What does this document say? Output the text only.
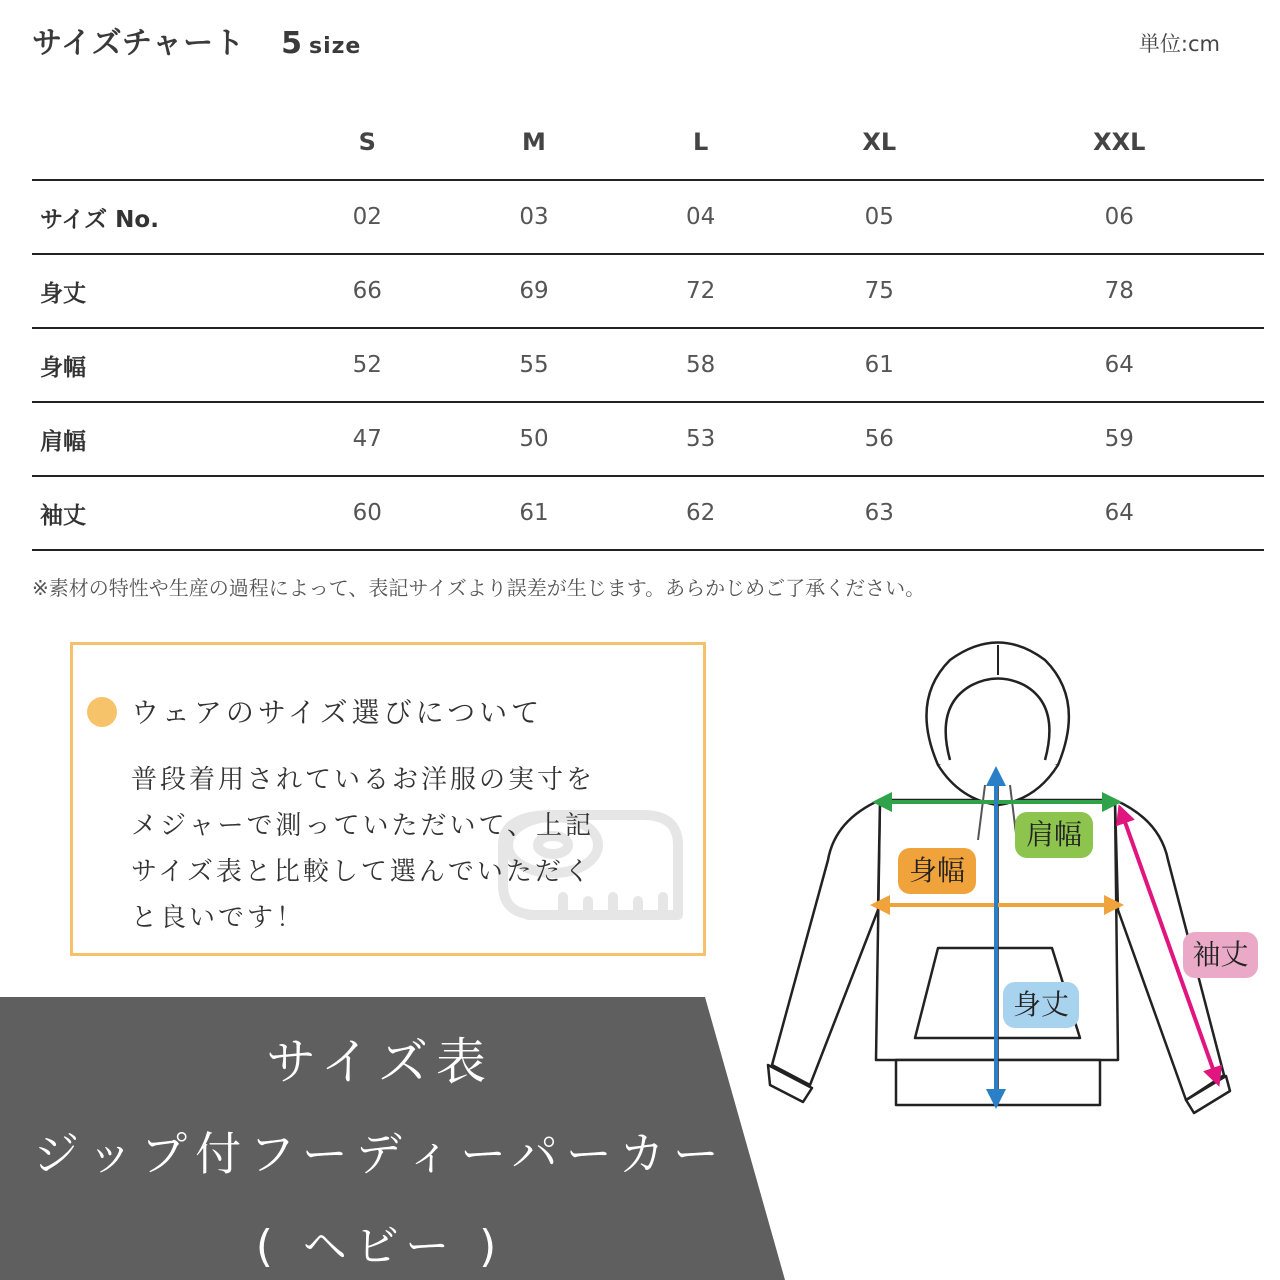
サイズチャート 5 size	単位:cm
	S	M	L	XL	XXL
サイズ No.	02	03	04	05	06
身丈	66	69	72	75	78
身幅	52	55	58	61	64
肩幅	47	50	53	56	59
袖丈	60	61	62	63	64
※素材の特性や生産の過程によって、表記サイズより誤差が生じます。あらかじめご了承ください。
ウェアのサイズ選びについて
普段着用されているお洋服の実寸を
メジャーで測っていただいて、上記
サイズ表と比較して選んでいただく
と良いです！
サイズ表
ジップ付フーディーパーカー
( ヘビー )
肩幅
身幅
身丈
袖丈
